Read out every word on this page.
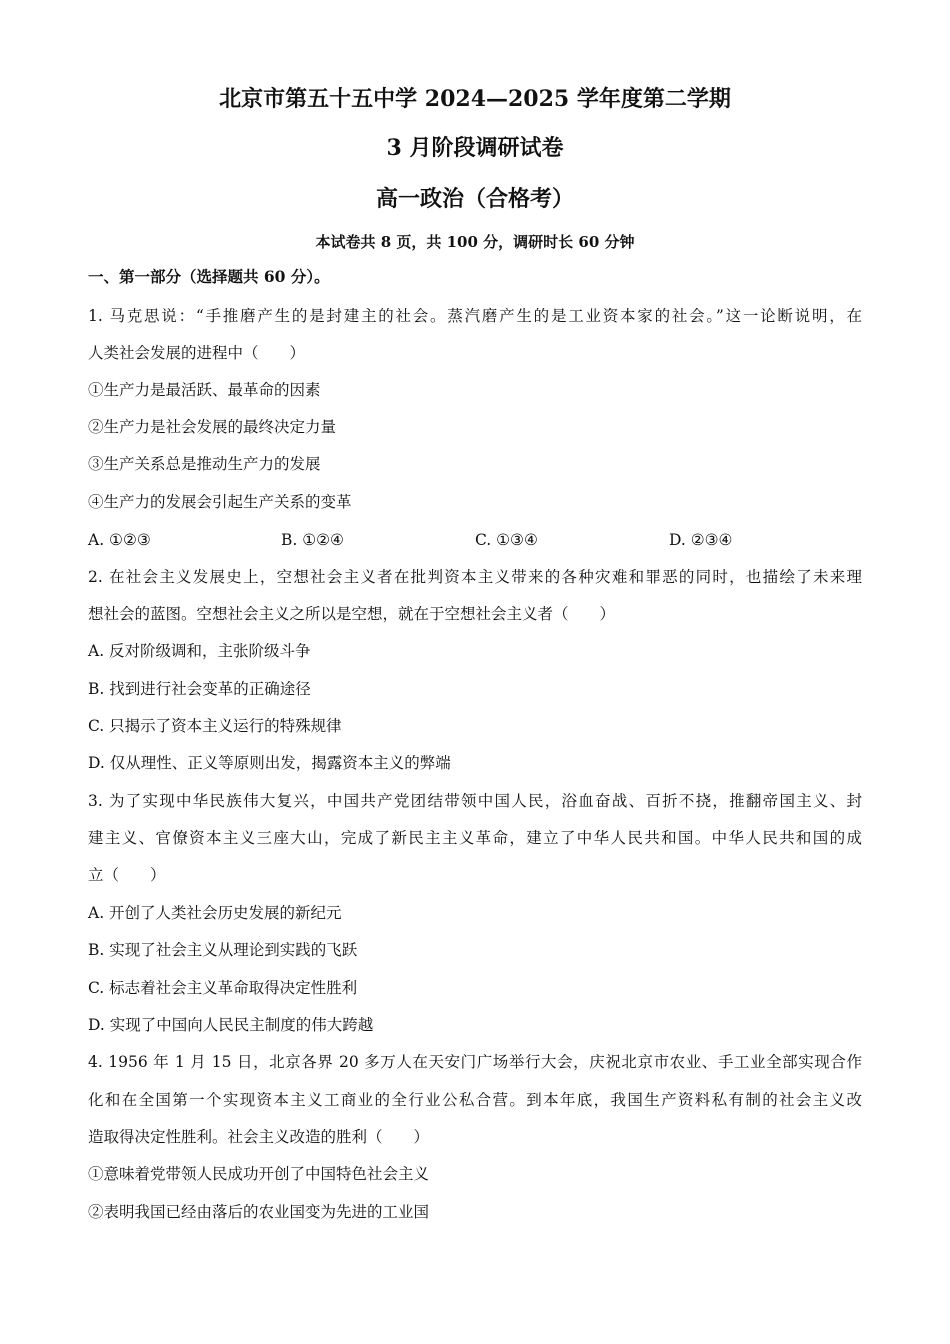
北京市第五十五中学 2024—2025 学年度第二学期
3 月阶段调研试卷
高一政治（合格考）
本试卷共 8 页，共 100 分，调研时长 60 分钟
一、第一部分（选择题共 60 分）。
1. 马克思说：“手推磨产生的是封建主的社会。蒸汽磨产生的是工业资本家的社会。”这一论断说明，在
人类社会发展的进程中（　　）
①生产力是最活跃、最革命的因素
②生产力是社会发展的最终决定力量
③生产关系总是推动生产力的发展
④生产力的发展会引起生产关系的变革
A. ①②③	B. ①②④	C. ①③④	D. ②③④
2. 在社会主义发展史上，空想社会主义者在批判资本主义带来的各种灾难和罪恶的同时，也描绘了未来理
想社会的蓝图。空想社会主义之所以是空想，就在于空想社会主义者（　　）
A. 反对阶级调和，主张阶级斗争
B. 找到进行社会变革的正确途径
C. 只揭示了资本主义运行的特殊规律
D. 仅从理性、正义等原则出发，揭露资本主义的弊端
3. 为了实现中华民族伟大复兴，中国共产党团结带领中国人民，浴血奋战、百折不挠，推翻帝国主义、封
建主义、官僚资本主义三座大山，完成了新民主主义革命，建立了中华人民共和国。中华人民共和国的成
立（　　）
A. 开创了人类社会历史发展的新纪元
B. 实现了社会主义从理论到实践的飞跃
C. 标志着社会主义革命取得决定性胜利
D. 实现了中国向人民民主制度的伟大跨越
4. 1956 年 1 月 15 日，北京各界 20 多万人在天安门广场举行大会，庆祝北京市农业、手工业全部实现合作
化和在全国第一个实现资本主义工商业的全行业公私合营。到本年底，我国生产资料私有制的社会主义改
造取得决定性胜利。社会主义改造的胜利（　　）
①意味着党带领人民成功开创了中国特色社会主义
②表明我国已经由落后的农业国变为先进的工业国
